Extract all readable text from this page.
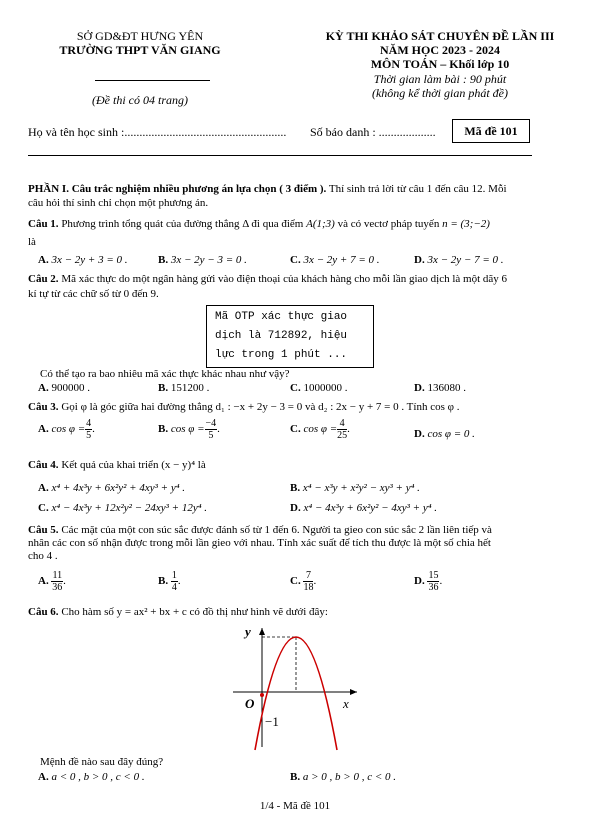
SỞ GD&ĐT HƯNG YÊN
TRƯỜNG THPT VĂN GIANG
(Đề thi có 04 trang)
KỲ THI KHẢO SÁT CHUYÊN ĐỀ LẦN III
NĂM HỌC 2023 - 2024
MÔN TOÁN – Khối lớp 10
Thời gian làm bài : 90 phút
(không kể thời gian phát đề)
Họ và tên học sinh :...................................................... Số báo danh : ...................	Mã đề 101
PHẦN I. Câu trắc nghiệm nhiều phương án lựa chọn ( 3 điểm ). Thí sinh trả lời từ câu 1 đến câu 12. Mỗi
câu hỏi thí sinh chỉ chọn một phương án.
Câu 1. Phương trình tổng quát của đường thẳng Δ đi qua điểm A(1;3) và có vectơ pháp tuyến n = (3;−2)
là
A. 3x − 2y + 3 = 0 .	B. 3x − 2y − 3 = 0 .	C. 3x − 2y + 7 = 0 .	D. 3x − 2y − 7 = 0 .
Câu 2. Mã xác thực do một ngân hàng gửi vào điện thoại của khách hàng cho mỗi lần giao dịch là một dãy 6
kí tự từ các chữ số từ 0 đến 9.
Mã OTP xác thực giao
dịch là 712892, hiệu
lực trong 1 phút ...
Có thể tạo ra bao nhiêu mã xác thực khác nhau như vậy?
A. 900000 .	B. 151200 .	C. 1000000 .	D. 136080 .
Câu 3. Gọi φ là góc giữa hai đường thẳng d₁ : −x + 2y − 3 = 0 và d₂ : 2x − y + 7 = 0 . Tính cos φ .
A. $\cos \varphi = \frac{4}{5}$ .	B. $\cos \varphi = \frac{-4}{5}$ .	C. $\cos \varphi = \frac{4}{25}$ .	D. cos φ = 0 .
Câu 4. Kết quả của khai triển (x − y)⁴ là
A. x⁴ + 4x³y + 6x²y² + 4xy³ + y⁴ .	B. x⁴ − x³y + x²y² − xy³ + y⁴ .
C. x⁴ − 4x³y + 12x²y² − 24xy³ + 12y⁴ .	D. x⁴ − 4x³y + 6x²y² − 4xy³ + y⁴ .
Câu 5. Các mặt của một con súc sắc được đánh số từ 1 đến 6. Người ta gieo con súc sắc 2 lần liên tiếp và
nhân các con số nhận được trong mỗi lần gieo với nhau. Tính xác suất để tích thu được là một số chia hết
cho 4 .
A. $\frac{11}{36}$ .	B. $\frac{1}{4}$ .	C. $\frac{7}{18}$ .	D. $\frac{15}{36}$ .
Câu 6. Cho hàm số y = ax² + bx + c có đồ thị như hình vẽ dưới đây:
y
x
O
−1
Mệnh đề nào sau đây đúng?
A. a < 0 , b > 0 , c < 0 .	B. a > 0 , b > 0 , c < 0 .
1/4 - Mã đề 101
